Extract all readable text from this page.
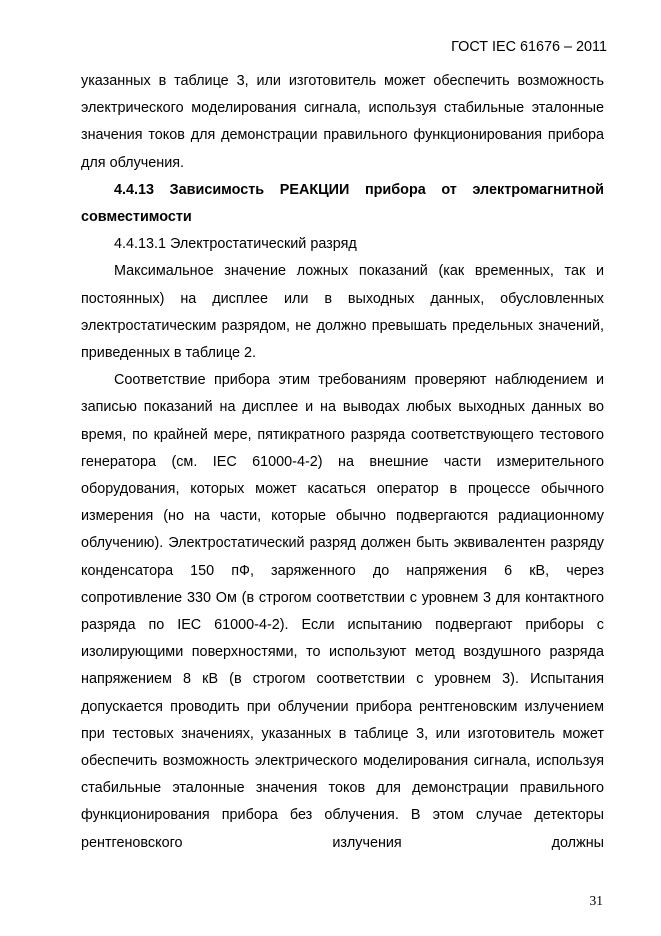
ГОСТ IEC 61676 – 2011

указанных в таблице 3, или изготовитель может обеспечить возможность электрического моделирования сигнала, используя стабильные эталонные значения токов для демонстрации правильного функционирования прибора для облучения.

4.4.13 Зависимость РЕАКЦИИ прибора от электромагнитной совместимости

4.4.13.1 Электростатический разряд

Максимальное значение ложных показаний (как временных, так и постоянных) на дисплее или в выходных данных, обусловленных электростатическим разрядом, не должно превышать предельных значений, приведенных в таблице 2.

Соответствие прибора этим требованиям проверяют наблюдением и записью показаний на дисплее и на выводах любых выходных данных во время, по крайней мере, пятикратного разряда соответствующего тестового генератора (см. IEC 61000-4-2) на внешние части измерительного оборудования, которых может касаться оператор в процессе обычного измерения (но на части, которые обычно подвергаются радиационному облучению). Электростатический разряд должен быть эквивалентен разряду конденсатора 150 пФ, заряженного до напряжения 6 кВ, через сопротивление 330 Ом (в строгом соответствии с уровнем 3 для контактного разряда по IEC 61000-4-2). Если испытанию подвергают приборы с изолирующими поверхностями, то используют метод воздушного разряда напряжением 8 кВ (в строгом соответствии с уровнем 3). Испытания допускается проводить при облучении прибора рентгеновским излучением при тестовых значениях, указанных в таблице 3, или изготовитель может обеспечить возможность электрического моделирования сигнала, используя стабильные эталонные значения токов для демонстрации правильного функционирования прибора без облучения. В этом случае детекторы рентгеновского излучения должны

31
